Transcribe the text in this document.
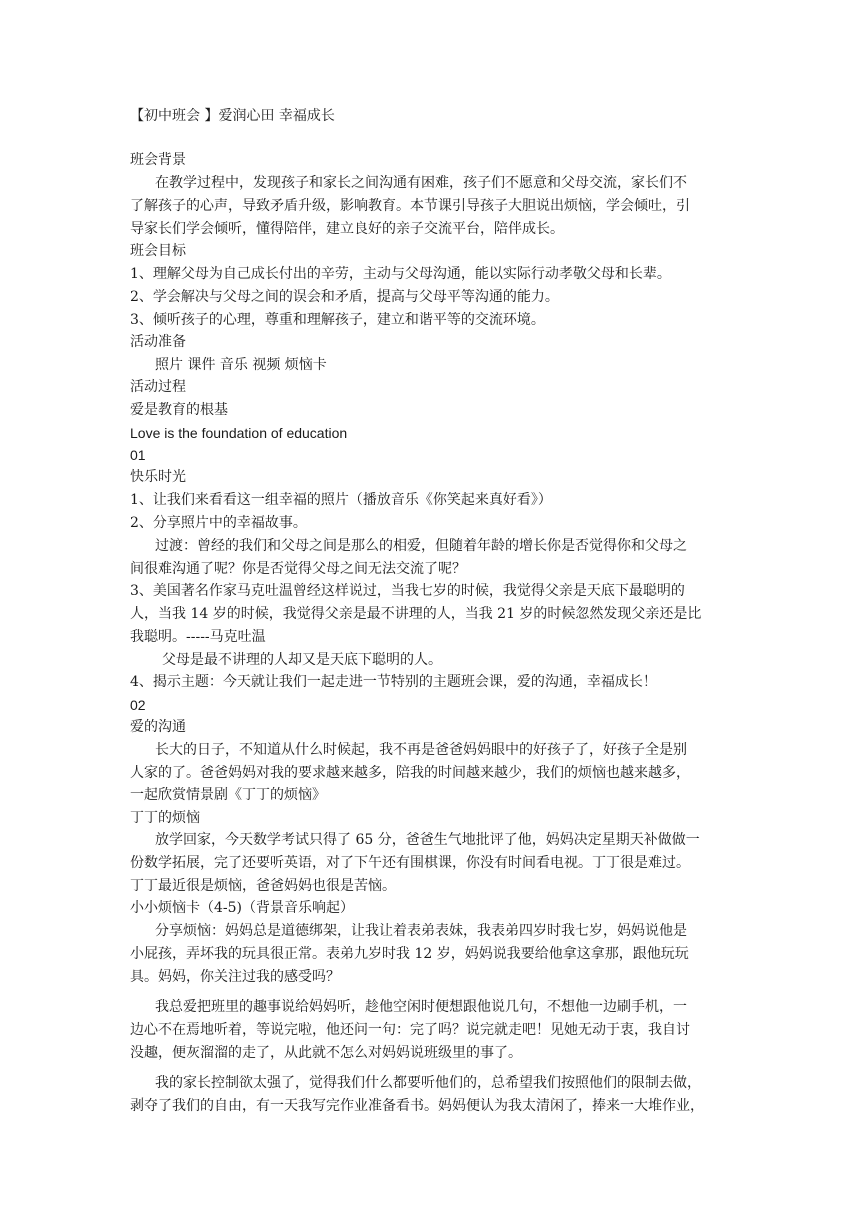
【初中班会 】爱润心田 幸福成长
班会背景
在教学过程中，发现孩子和家长之间沟通有困难，孩子们不愿意和父母交流，家长们不
了解孩子的心声，导致矛盾升级，影响教育。本节课引导孩子大胆说出烦恼，学会倾吐，引
导家长们学会倾听，懂得陪伴，建立良好的亲子交流平台，陪伴成长。
班会目标
1、理解父母为自己成长付出的辛劳，主动与父母沟通，能以实际行动孝敬父母和长辈。
2、学会解决与父母之间的误会和矛盾，提高与父母平等沟通的能力。
3、倾听孩子的心理，尊重和理解孩子，建立和谐平等的交流环境。
活动准备
照片 课件 音乐 视频 烦恼卡
活动过程
爱是教育的根基
Love is the foundation of education
01
快乐时光
1、让我们来看看这一组幸福的照片（播放音乐《你笑起来真好看》）
2、分享照片中的幸福故事。
过渡：曾经的我们和父母之间是那么的相爱，但随着年龄的增长你是否觉得你和父母之
间很难沟通了呢？你是否觉得父母之间无法交流了呢？
3、美国著名作家马克吐温曾经这样说过，当我七岁的时候，我觉得父亲是天底下最聪明的
人，当我 14 岁的时候，我觉得父亲是最不讲理的人，当我 21 岁的时候忽然发现父亲还是比
我聪明。-----马克吐温
父母是最不讲理的人却又是天底下聪明的人。
4、揭示主题：今天就让我们一起走进一节特别的主题班会课，爱的沟通，幸福成长！
02
爱的沟通
长大的日子，不知道从什么时候起，我不再是爸爸妈妈眼中的好孩子了，好孩子全是别
人家的了。爸爸妈妈对我的要求越来越多，陪我的时间越来越少，我们的烦恼也越来越多，
一起欣赏情景剧《丁丁的烦恼》
丁丁的烦恼
放学回家，今天数学考试只得了 65 分，爸爸生气地批评了他，妈妈决定星期天补做做一
份数学拓展，完了还要听英语，对了下午还有围棋课，你没有时间看电视。丁丁很是难过。
丁丁最近很是烦恼，爸爸妈妈也很是苦恼。
小小烦恼卡（4-5)（背景音乐响起）
分享烦恼：妈妈总是道德绑架，让我让着表弟表妹，我表弟四岁时我七岁，妈妈说他是
小屁孩，弄坏我的玩具很正常。表弟九岁时我 12 岁，妈妈说我要给他拿这拿那，跟他玩玩
具。妈妈，你关注过我的感受吗？
我总爱把班里的趣事说给妈妈听，趁他空闲时便想跟他说几句，不想他一边刷手机，一
边心不在焉地听着，等说完啦，他还问一句：完了吗？说完就走吧！见她无动于衷，我自讨
没趣，便灰溜溜的走了，从此就不怎么对妈妈说班级里的事了。
我的家长控制欲太强了，觉得我们什么都要听他们的，总希望我们按照他们的限制去做，
剥夺了我们的自由，有一天我写完作业准备看书。妈妈便认为我太清闲了，捧来一大堆作业，
